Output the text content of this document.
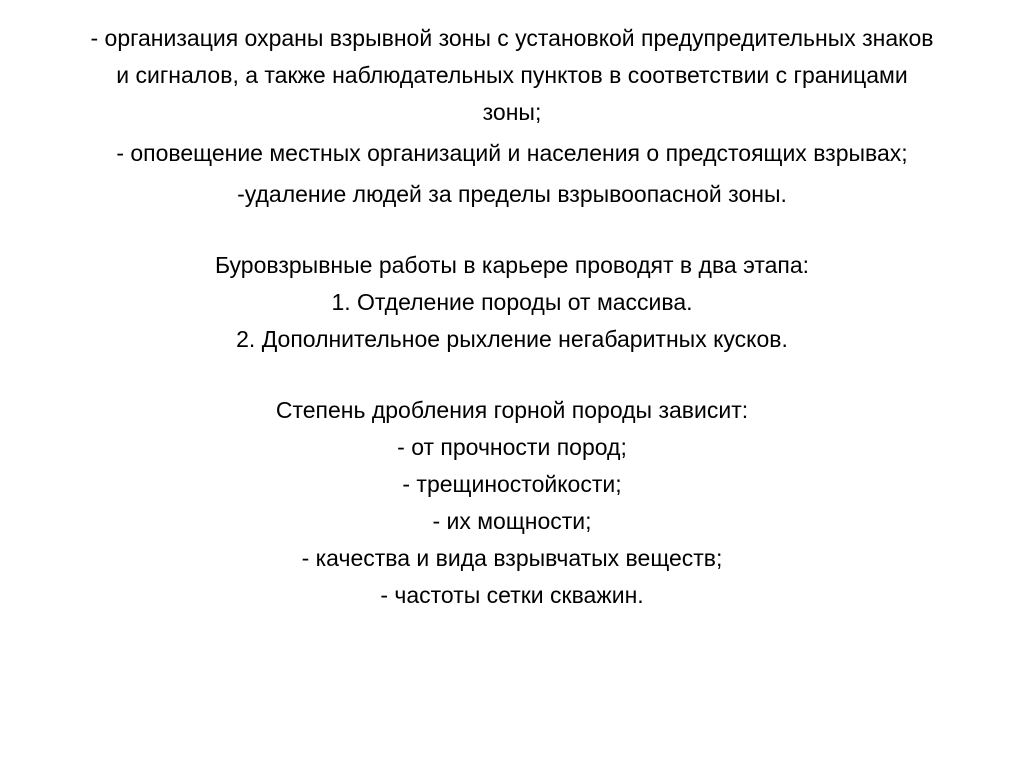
- организация охраны взрывной зоны с установкой предупредительных знаков

и сигналов, а также наблюдательных пунктов в соответствии с границами

зоны;

- оповещение местных организаций и населения о предстоящих взрывах;

-удаление людей за пределы взрывоопасной зоны.

Буровзрывные работы в карьере проводят в два этапа:

1. Отделение породы от массива.

2. Дополнительное рыхление негабаритных кусков.

Степень дробления горной породы зависит:

- от прочности пород;

- трещиностойкости;

- их мощности;

- качества и вида взрывчатых веществ;

- частоты сетки скважин.
